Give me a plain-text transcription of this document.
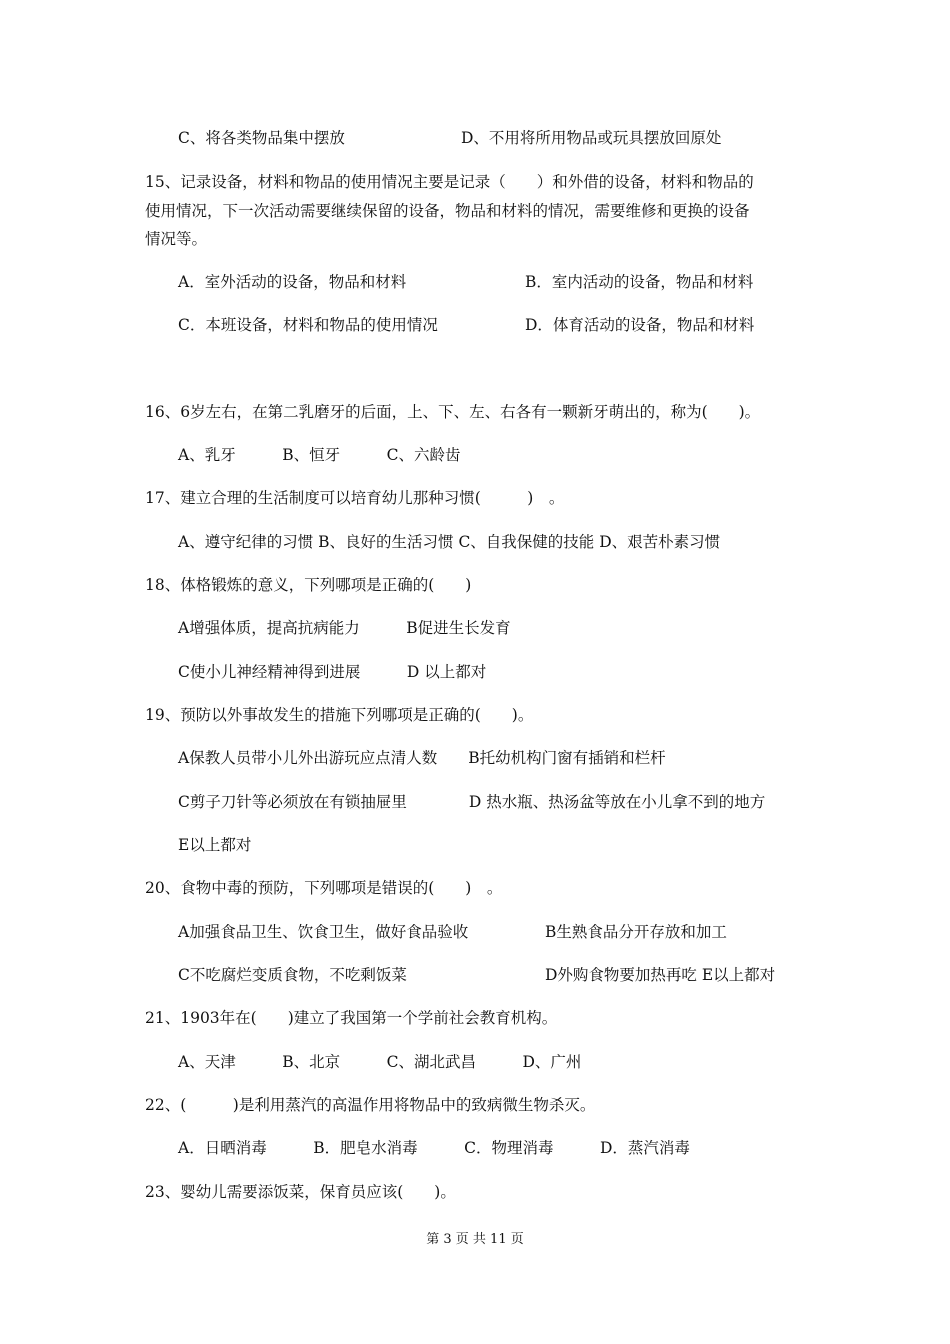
C、将各类物品集中摆放	D、不用将所用物品或玩具摆放回原处
15、记录设备，材料和物品的使用情况主要是记录（　　）和外借的设备，材料和物品的
使用情况，下一次活动需要继续保留的设备，物品和材料的情况，需要维修和更换的设备
情况等。
A．室外活动的设备，物品和材料	B．室内活动的设备，物品和材料
C．本班设备，材料和物品的使用情况	D．体育活动的设备，物品和材料
16、6岁左右，在第二乳磨牙的后面，上、下、左、右各有一颗新牙萌出的，称为(　　)。
A、乳牙　　　B、恒牙　　　C、六龄齿
17、建立合理的生活制度可以培育幼儿那种习惯(　　　)　。
A、遵守纪律的习惯 B、良好的生活习惯 C、自我保健的技能 D、艰苦朴素习惯
18、体格锻炼的意义，下列哪项是正确的(　　)
A增强体质，提高抗病能力　　　B促进生长发育
C使小儿神经精神得到进展　　　D 以上都对
19、预防以外事故发生的措施下列哪项是正确的(　　)。
A保教人员带小儿外出游玩应点清人数　　B托幼机构门窗有插销和栏杆
C剪子刀针等必须放在有锁抽屉里　　　　D 热水瓶、热汤盆等放在小儿拿不到的地方
E以上都对
20、食物中毒的预防，下列哪项是错误的(　　)　。
A加强食品卫生、饮食卫生，做好食品验收	B生熟食品分开存放和加工
C不吃腐烂变质食物，不吃剩饭菜	D外购食物要加热再吃 E以上都对
21、1903年在(　　)建立了我国第一个学前社会教育机构。
A、天津　　　B、北京　　　C、湖北武昌　　　D、广州
22、(　　　)是利用蒸汽的高温作用将物品中的致病微生物杀灭。
A．日晒消毒　　　B．肥皂水消毒　　　C．物理消毒　　　D．蒸汽消毒
23、婴幼儿需要添饭菜，保育员应该(　　)。
第 3 页 共 11 页
